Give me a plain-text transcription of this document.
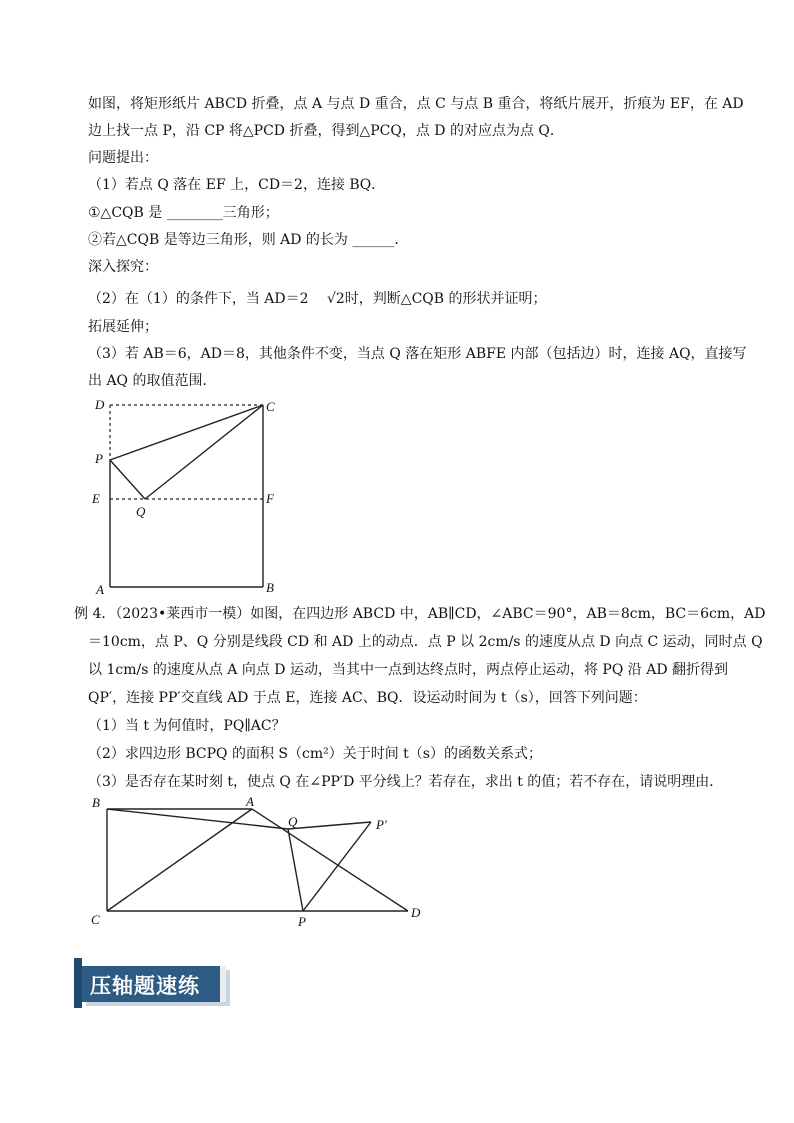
如图，将矩形纸片 ABCD 折叠，点 A 与点 D 重合，点 C 与点 B 重合，将纸片展开，折痕为 EF，在 AD
边上找一点 P，沿 CP 将△PCD 折叠，得到△PCQ，点 D 的对应点为点 Q．
问题提出：
（1）若点 Q 落在 EF 上，CD＝2，连接 BQ．
①△CQB 是 ________三角形；
②若△CQB 是等边三角形，则 AD 的长为 ______．
深入探究：
（2）在（1）的条件下，当 AD＝2 √2时，判断△CQB 的形状并证明；
拓展延伸；
（3）若 AB＝6，AD＝8，其他条件不变，当点 Q 落在矩形 ABFE 内部（包括边）时，连接 AQ，直接写
出 AQ 的取值范围．
D	C
P
E	F
Q
A	B
例 4．（2023•莱西市一模）如图，在四边形 ABCD 中，AB∥CD，∠ABC＝90°，AB＝8cm，BC＝6cm，AD
＝10cm，点 P、Q 分别是线段 CD 和 AD 上的动点．点 P 以 2cm/s 的速度从点 D 向点 C 运动，同时点 Q
以 1cm/s 的速度从点 A 向点 D 运动，当其中一点到达终点时，两点停止运动，将 PQ 沿 AD 翻折得到
QP′，连接 PP′交直线 AD 于点 E，连接 AC、BQ．设运动时间为 t（s），回答下列问题：
（1）当 t 为何值时，PQ∥AC？
（2）求四边形 BCPQ 的面积 S（cm²）关于时间 t（s）的函数关系式；
（3）是否存在某时刻 t，使点 Q 在∠PP′D 平分线上？若存在，求出 t 的值；若不存在，请说明理由．
B	A
Q	P′
C	P
D
压轴题速练
